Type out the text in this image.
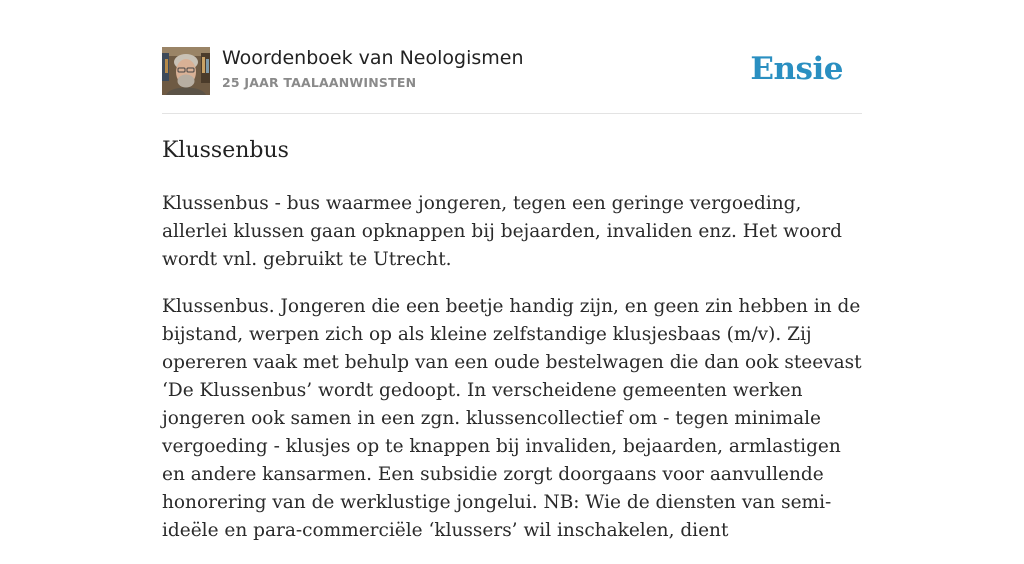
Woordenboek van Neologismen
25 JAAR TAALAANWINSTEN	Ensie
Klussenbus

Klussenbus - bus waarmee jongeren, tegen een geringe vergoeding, allerlei klussen gaan opknappen bij bejaarden, invaliden enz. Het woord wordt vnl. gebruikt te Utrecht.

Klussenbus. Jongeren die een beetje handig zijn, en geen zin hebben in de bijstand, werpen zich op als kleine zelfstandige klusjesbaas (m/v). Zij opereren vaak met behulp van een oude bestelwagen die dan ook steevast ‘De Klussenbus’ wordt gedoopt. In verscheidene gemeenten werken jongeren ook samen in een zgn. klussencollectief om - tegen minimale vergoeding - klusjes op te knappen bij invaliden, bejaarden, armlastigen en andere kansarmen. Een subsidie zorgt doorgaans voor aanvullende honorering van de werklustige jongelui. NB: Wie de diensten van semi-ideële en para-commerciële ‘klussers’ wil inschakelen, dient
